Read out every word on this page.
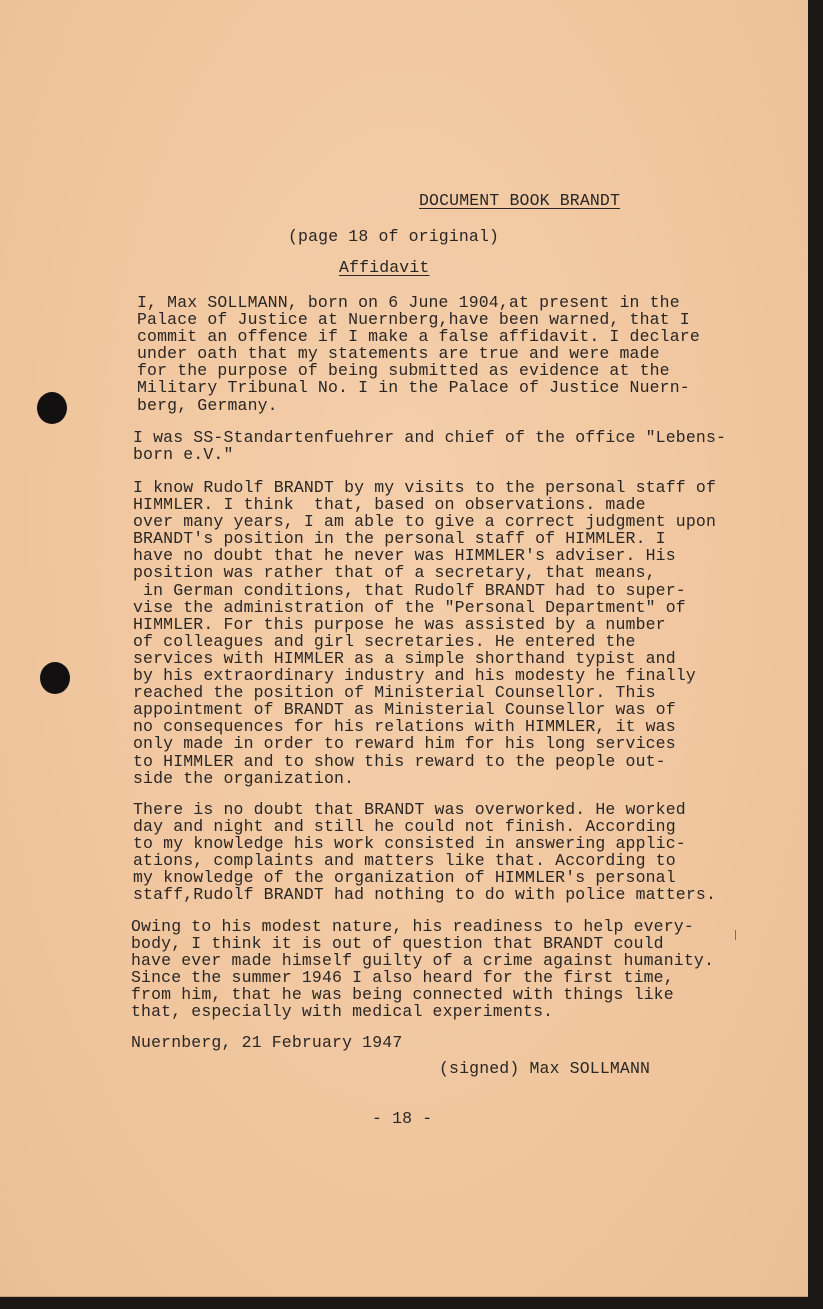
DOCUMENT BOOK BRANDT
(page 18 of original)
Affidavit
I, Max SOLLMANN, born on 6 June 1904,at present in the
Palace of Justice at Nuernberg,have been warned, that I
commit an offence if I make a false affidavit. I declare
under oath that my statements are true and were made
for the purpose of being submitted as evidence at the
Military Tribunal No. I in the Palace of Justice Nuern-
berg, Germany.
I was SS-Standartenfuehrer and chief of the office "Lebens-
born e.V."
I know Rudolf BRANDT by my visits to the personal staff of
HIMMLER. I think  that, based on observations. made
over many years, I am able to give a correct judgment upon
BRANDT's position in the personal staff of HIMMLER. I
have no doubt that he never was HIMMLER's adviser. His
position was rather that of a secretary, that means,
in German conditions, that Rudolf BRANDT had to super-
vise the administration of the "Personal Department" of
HIMMLER. For this purpose he was assisted by a number
of colleagues and girl secretaries. He entered the
services with HIMMLER as a simple shorthand typist and
by his extraordinary industry and his modesty he finally
reached the position of Ministerial Counsellor. This
appointment of BRANDT as Ministerial Counsellor was of
no consequences for his relations with HIMMLER, it was
only made in order to reward him for his long services
to HIMMLER and to show this reward to the people out-
side the organization.
There is no doubt that BRANDT was overworked. He worked
day and night and still he could not finish. According
to my knowledge his work consisted in answering applic-
ations, complaints and matters like that. According to
my knowledge of the organization of HIMMLER's personal
staff,Rudolf BRANDT had nothing to do with police matters.
Owing to his modest nature, his readiness to help every-
body, I think it is out of question that BRANDT could
have ever made himself guilty of a crime against humanity.
Since the summer 1946 I also heard for the first time,
from him, that he was being connected with things like
that, especially with medical experiments.
Nuernberg, 21 February 1947
(signed) Max SOLLMANN
- 18 -
